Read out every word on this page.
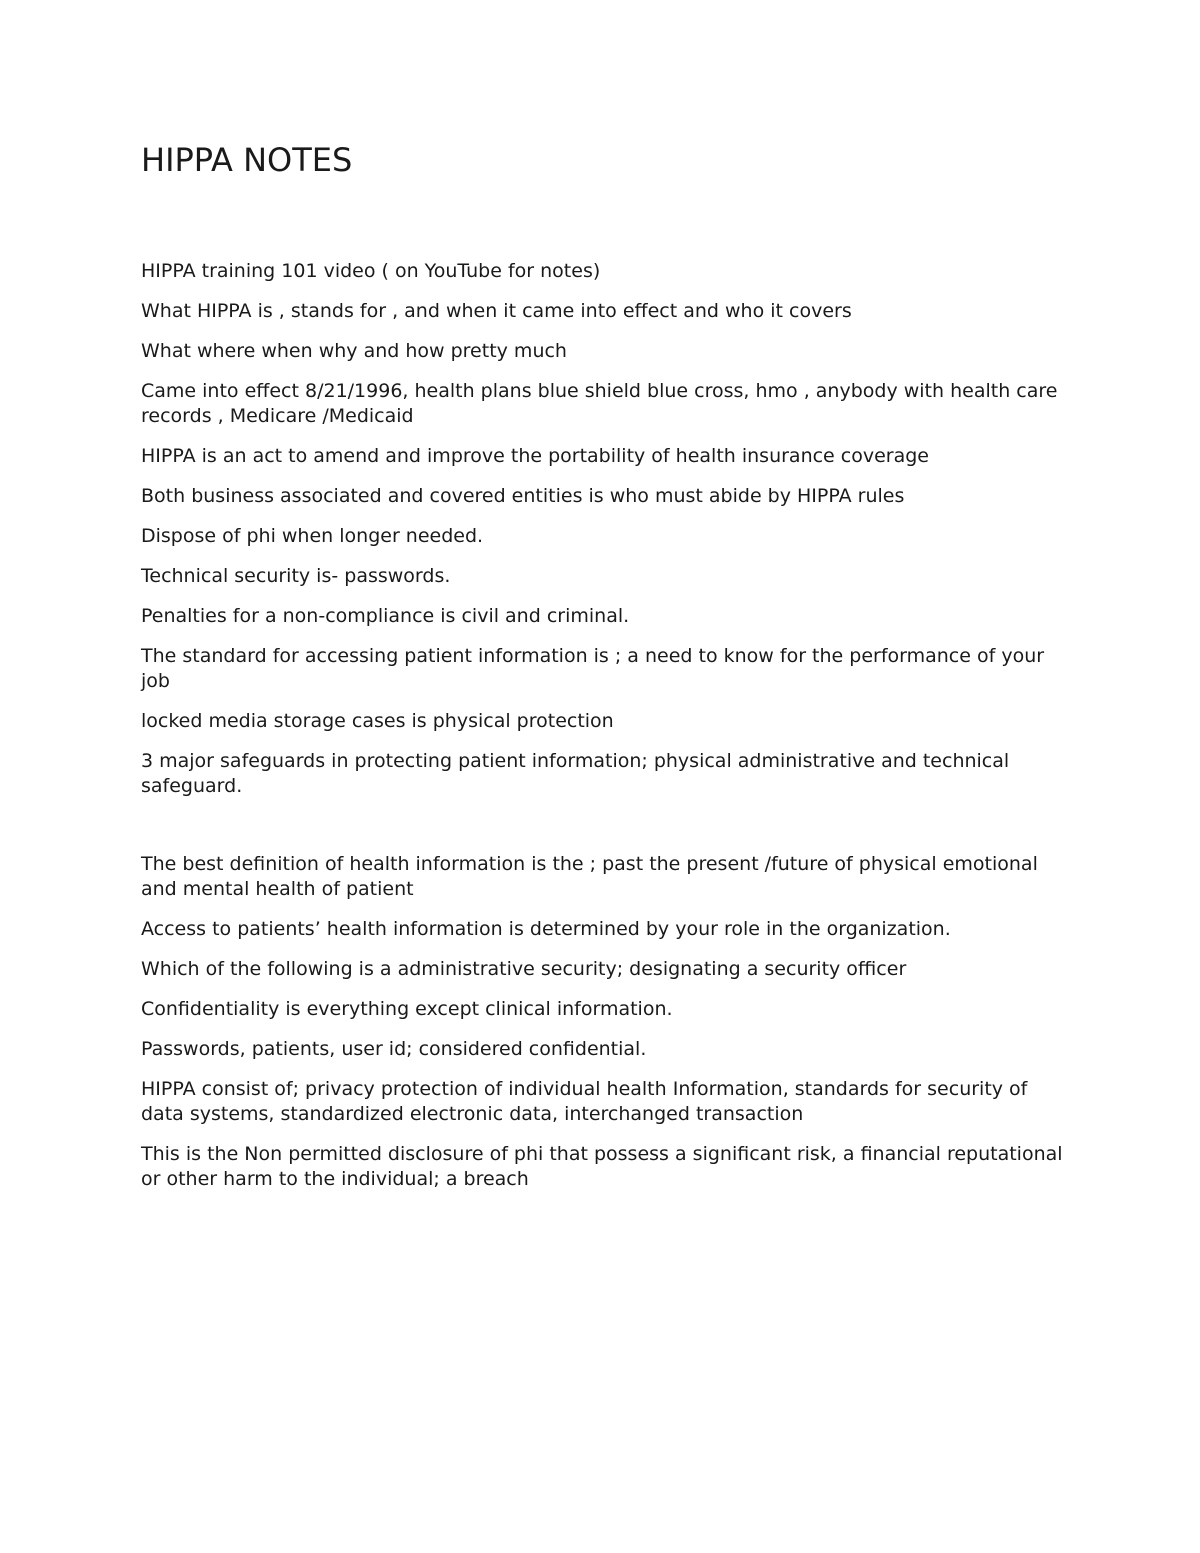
HIPPA NOTES

HIPPA training 101 video ( on YouTube for notes)

What HIPPA is , stands for , and when it came into effect and who it covers

What where when why and how pretty much

Came into effect 8/21/1996, health plans blue shield blue cross, hmo , anybody with health care records , Medicare /Medicaid

HIPPA is an act to amend and improve the portability of health insurance coverage

Both business associated and covered entities is who must abide by HIPPA rules

Dispose of phi when longer needed.

Technical security is- passwords.

Penalties for a non-compliance is civil and criminal.

The standard for accessing patient information is ; a need to know for the performance of your job

locked media storage cases is physical protection

3 major safeguards in protecting patient information; physical administrative and technical safeguard.

The best definition of health information is the ; past the present /future of physical emotional and mental health of patient

Access to patients’ health information is determined by your role in the organization.

Which of the following is a administrative security; designating a security officer

Confidentiality is everything except clinical information.

Passwords, patients, user id; considered confidential.

HIPPA consist of; privacy protection of individual health Information, standards for security of data systems, standardized electronic data, interchanged transaction

This is the Non permitted disclosure of phi that possess a significant risk, a financial reputational or other harm to the individual; a breach
